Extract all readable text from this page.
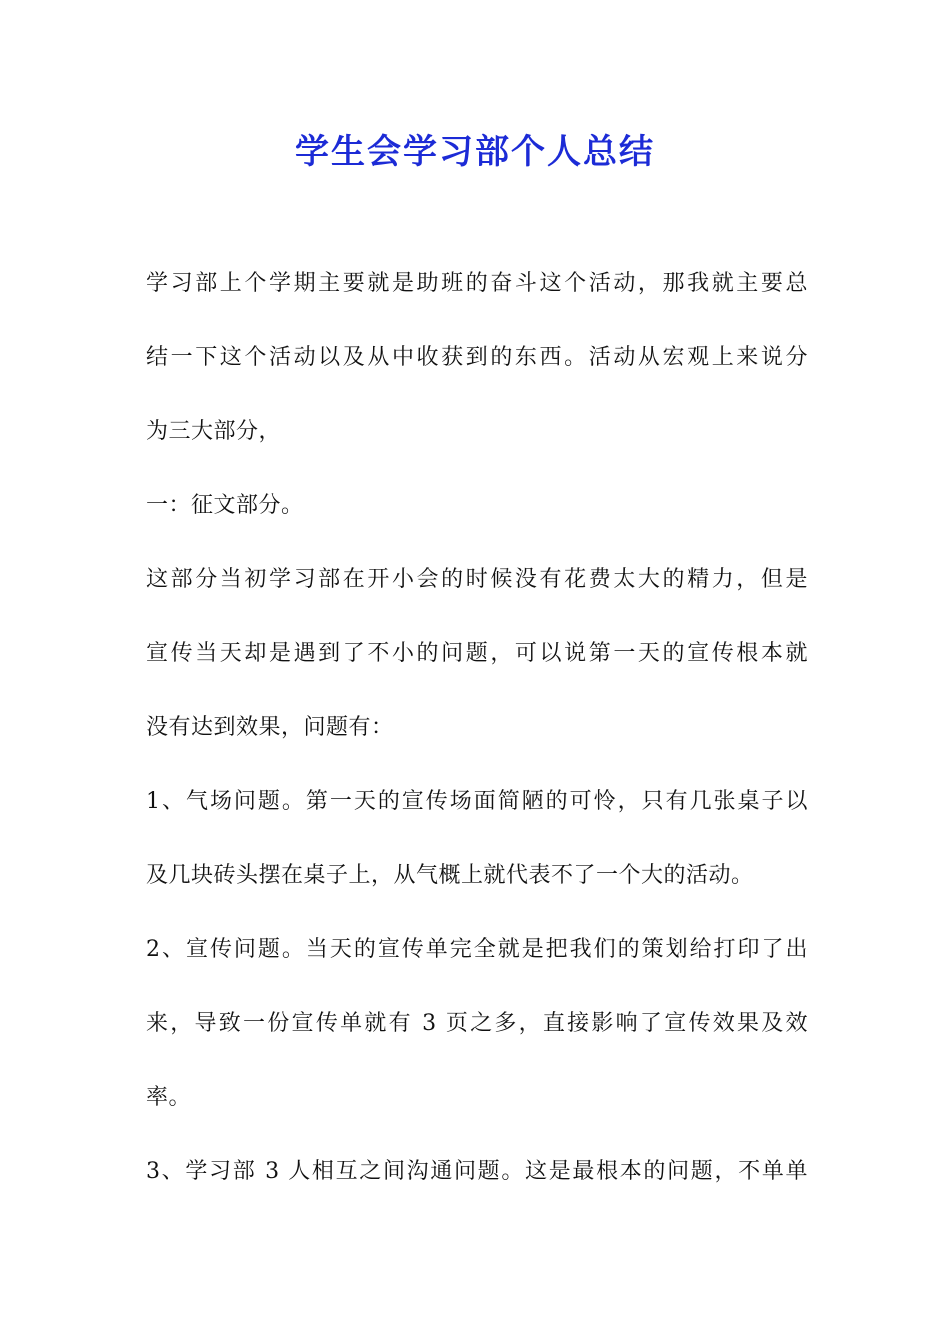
学生会学习部个人总结
学习部上个学期主要就是助班的奋斗这个活动，那我就主要总
结一下这个活动以及从中收获到的东西。活动从宏观上来说分
为三大部分，
一：征文部分。
这部分当初学习部在开小会的时候没有花费太大的精力，但是
宣传当天却是遇到了不小的问题，可以说第一天的宣传根本就
没有达到效果，问题有：
1、气场问题。第一天的宣传场面简陋的可怜，只有几张桌子以
及几块砖头摆在桌子上，从气概上就代表不了一个大的活动。
2、宣传问题。当天的宣传单完全就是把我们的策划给打印了出
来，导致一份宣传单就有 3 页之多，直接影响了宣传效果及效
率。
3、学习部 3 人相互之间沟通问题。这是最根本的问题，不单单
